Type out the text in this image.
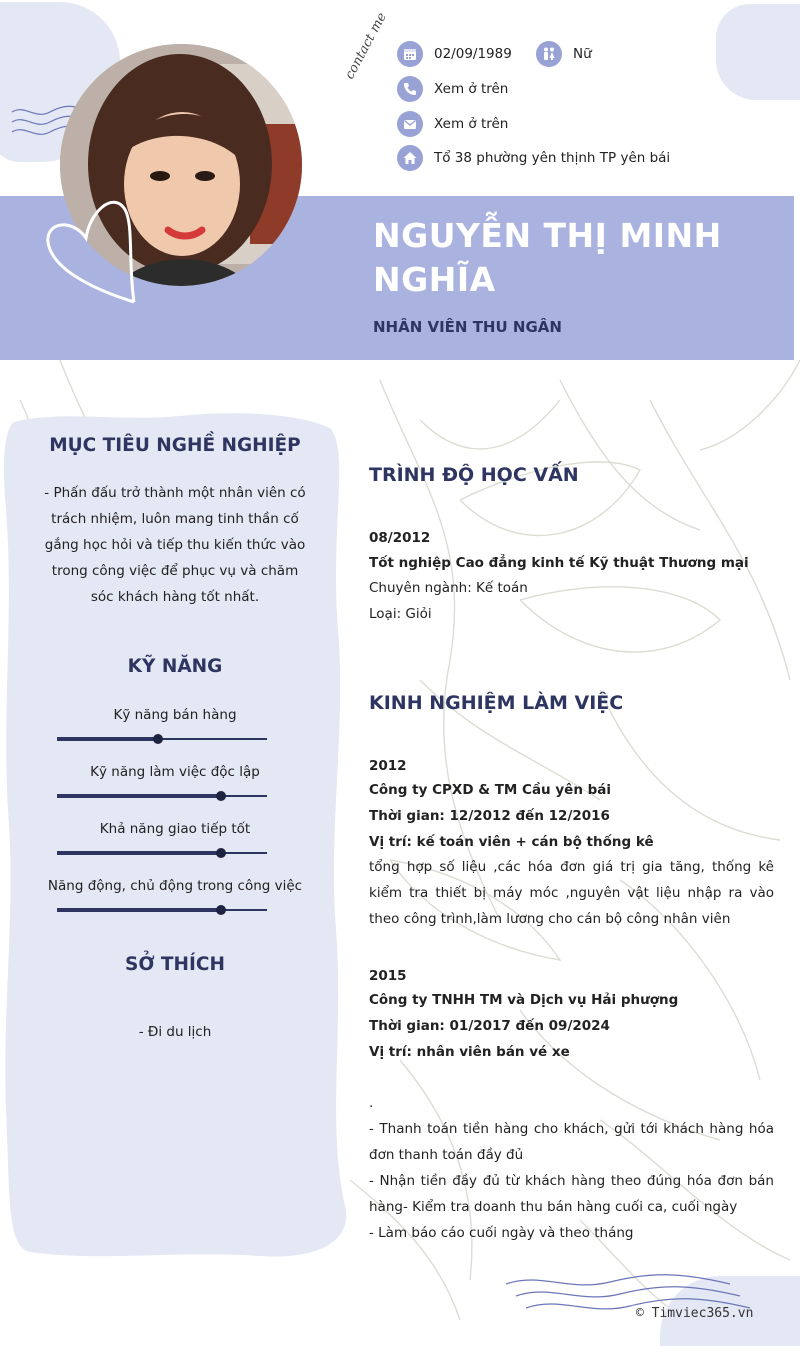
contact me	02/09/1989	Nữ
Xem ở trên
Xem ở trên
Tổ 38 phường yên thịnh TP yên bái
NGUYỄN THỊ MINH NGHĨA
NHÂN VIÊN THU NGÂN
MỤC TIÊU NGHỀ NGHIỆP
- Phấn đấu trở thành một nhân viên có trách nhiệm, luôn mang tinh thần cố gắng học hỏi và tiếp thu kiến thức vào trong công việc để phục vụ và chăm sóc khách hàng tốt nhất.
KỸ NĂNG
Kỹ năng bán hàng
Kỹ năng làm việc độc lập
Khả năng giao tiếp tốt
Năng động, chủ động trong công việc
SỞ THÍCH
- Đi du lịch
TRÌNH ĐỘ HỌC VẤN
08/2012
Tốt nghiệp Cao đẳng kinh tế Kỹ thuật Thương mại
Chuyên ngành: Kế toán
Loại: Giỏi
KINH NGHIỆM LÀM VIỆC
2012
Công ty CPXD & TM Cầu yên bái
Thời gian: 12/2012 đến 12/2016
Vị trí: kế toán viên + cán bộ thống kê
tổng hợp số liệu ,các hóa đơn giá trị gia tăng, thống kê kiểm tra thiết bị máy móc ,nguyên vật liệu nhập ra vào theo công trình,làm lương cho cán bộ công nhân viên
2015
Công ty TNHH TM và Dịch vụ Hải phượng
Thời gian: 01/2017 đến 09/2024
Vị trí: nhân viên bán vé xe
.
- Thanh toán tiền hàng cho khách, gửi tới khách hàng hóa đơn thanh toán đầy đủ
- Nhận tiền đầy đủ từ khách hàng theo đúng hóa đơn bán hàng- Kiểm tra doanh thu bán hàng cuối ca, cuối ngày
- Làm báo cáo cuối ngày và theo tháng
© Timviec365.vn
